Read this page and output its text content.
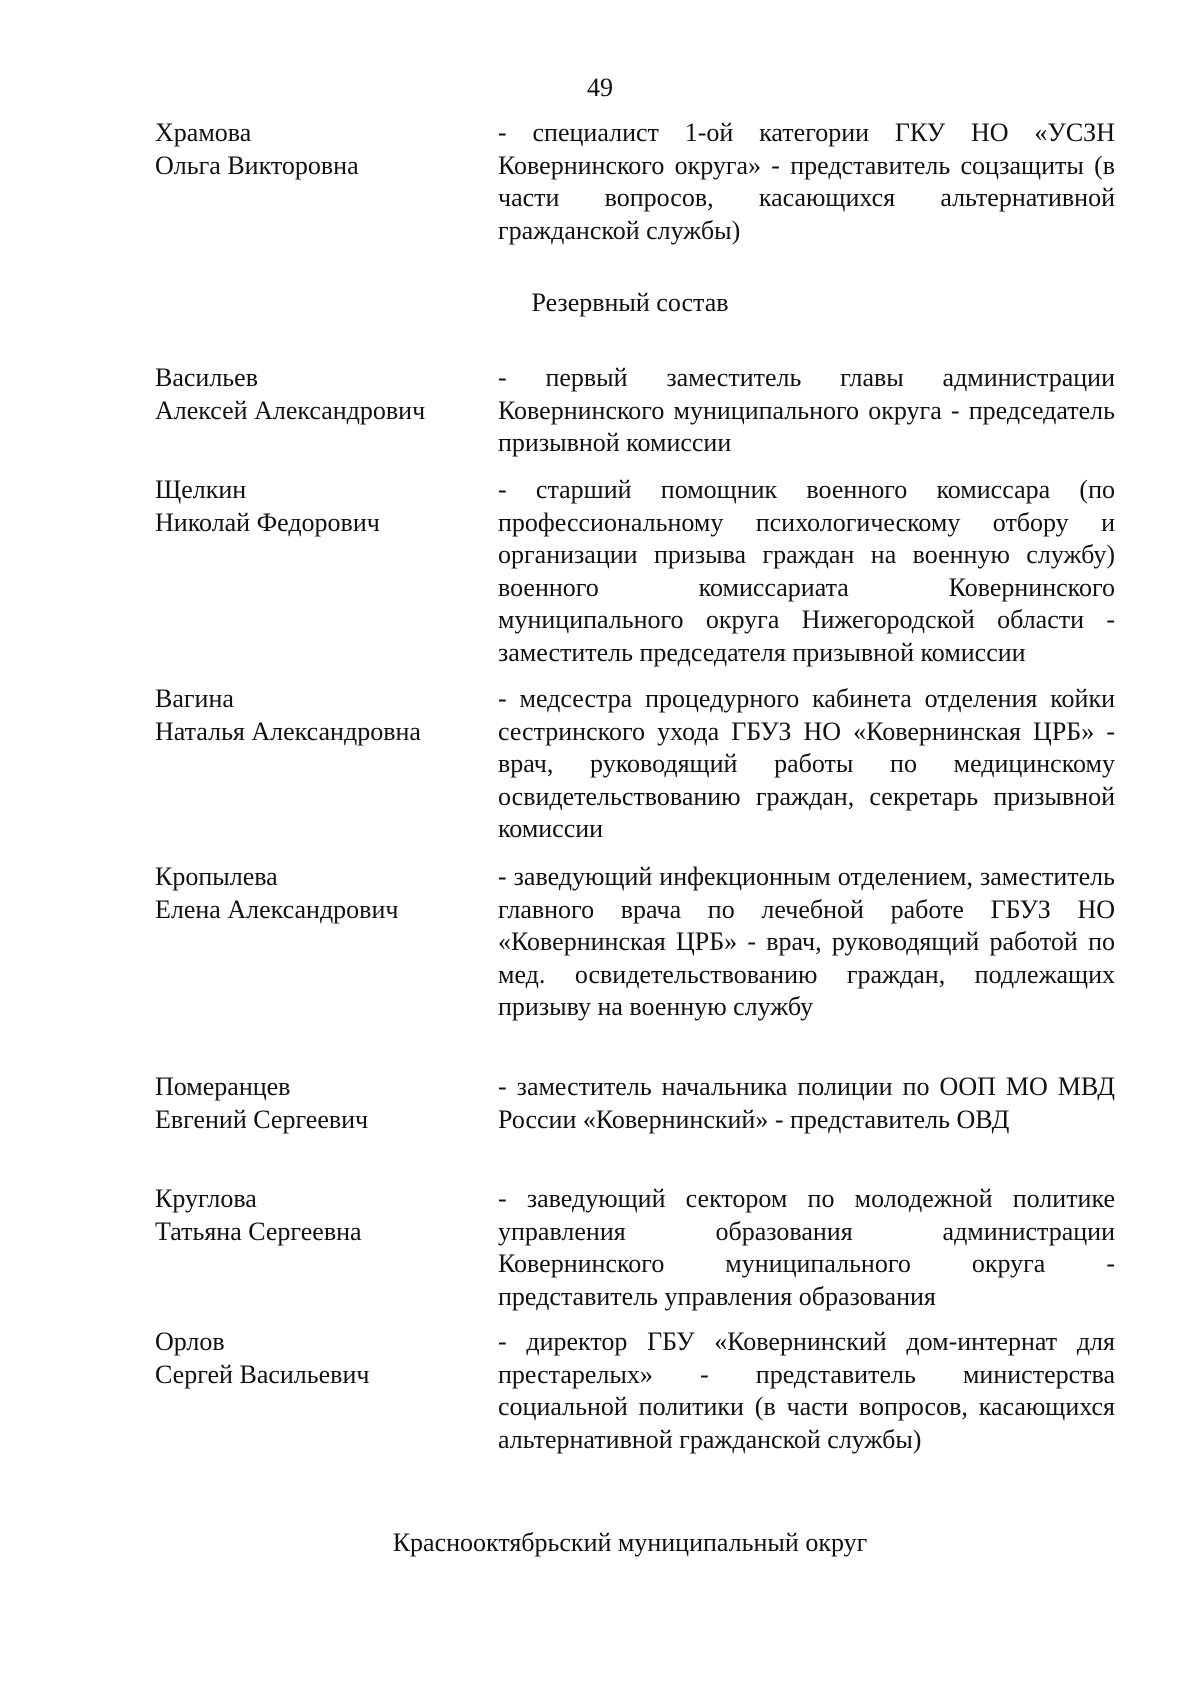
49
Храмова
Ольга Викторовна
- специалист 1-ой категории ГКУ НО «УСЗН Ковернинского округа» - представитель соцзащиты (в части вопросов, касающихся альтернативной гражданской службы)
Резервный состав
Васильев
Алексей Александрович
- первый заместитель главы администрации Ковернинского муниципального округа - председатель призывной комиссии
Щелкин
Николай Федорович
- старший помощник военного комиссара (по профессиональному психологическому отбору и организации призыва граждан на военную службу) военного комиссариата Ковернинского муниципального округа Нижегородской области - заместитель председателя призывной комиссии
Вагина
Наталья Александровна
- медсестра процедурного кабинета отделения койки сестринского ухода ГБУЗ НО «Ковернинская ЦРБ» - врач, руководящий работы по медицинскому освидетельствованию граждан, секретарь призывной комиссии
Кропылева
Елена Александрович
- заведующий инфекционным отделением, заместитель главного врача по лечебной работе ГБУЗ НО «Ковернинская ЦРБ» - врач, руководящий работой по мед. освидетельствованию граждан, подлежащих призыву на военную службу
Померанцев
Евгений Сергеевич
- заместитель начальника полиции по ООП МО МВД России «Ковернинский» - представитель ОВД
Круглова
Татьяна Сергеевна
- заведующий сектором по молодежной политике управления образования администрации Ковернинского муниципального округа - представитель управления образования
Орлов
Сергей Васильевич
- директор ГБУ «Ковернинский дом-интернат для престарелых» - представитель министерства социальной политики (в части вопросов, касающихся альтернативной гражданской службы)
Краснооктябрьский муниципальный округ
